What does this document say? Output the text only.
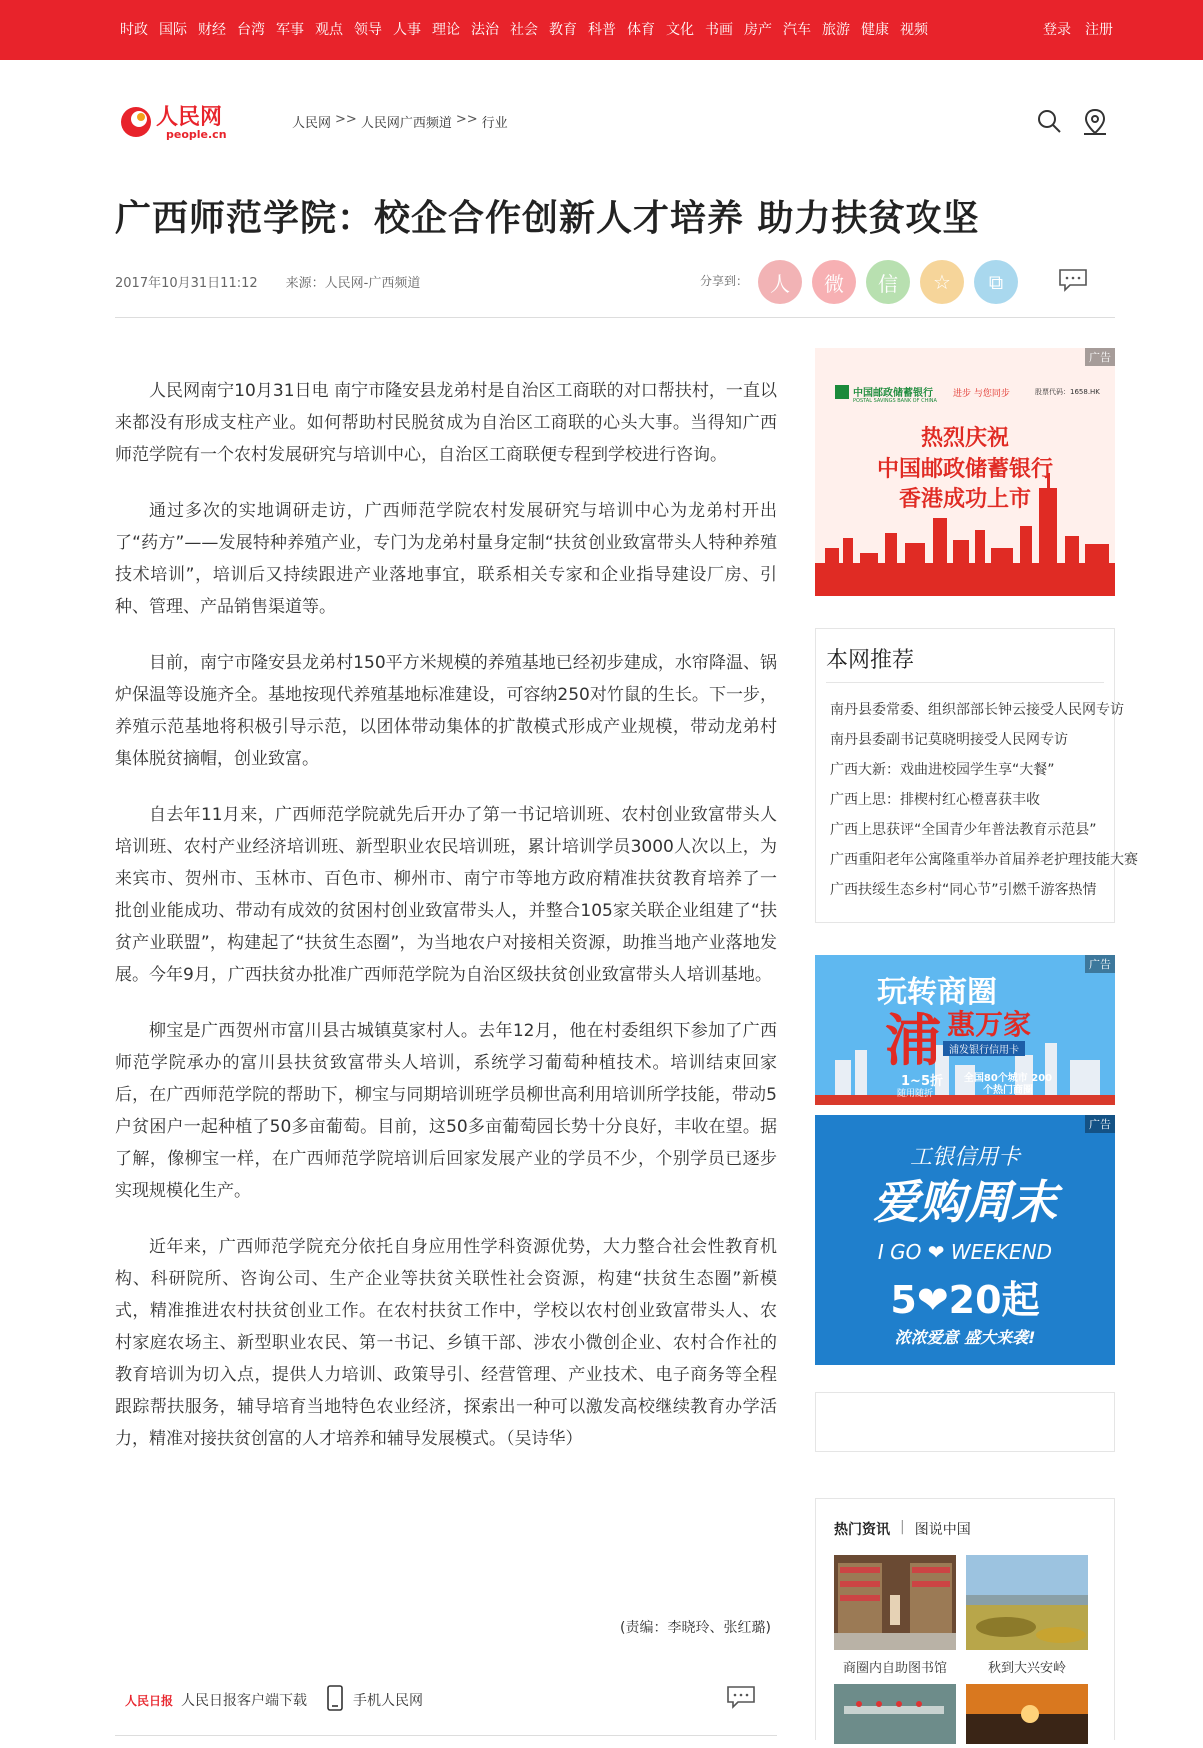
时政 国际 财经 台湾 军事 观点 领导 人事 理论 法治 社会 教育 科普 体育 文化 书画 房产 汽车 旅游 健康 视频	登录 注册
人民网
people.cn
人民网 >> 人民网广西频道 >> 行业
广西师范学院：校企合作创新人才培养 助力扶贫攻坚
2017年10月31日11:12 来源：人民网-广西频道	分享到：	人	微	信	☆	⧉

人民网南宁10月31日电 南宁市隆安县龙弟村是自治区工商联的对口帮扶村，一直以来都没有形成支柱产业。如何帮助村民脱贫成为自治区工商联的心头大事。当得知广西师范学院有一个农村发展研究与培训中心，自治区工商联便专程到学校进行咨询。

通过多次的实地调研走访，广西师范学院农村发展研究与培训中心为龙弟村开出了“药方”——发展特种养殖产业，专门为龙弟村量身定制“扶贫创业致富带头人特种养殖技术培训”，培训后又持续跟进产业落地事宜，联系相关专家和企业指导建设厂房、引种、管理、产品销售渠道等。

目前，南宁市隆安县龙弟村150平方米规模的养殖基地已经初步建成，水帘降温、锅炉保温等设施齐全。基地按现代养殖基地标准建设，可容纳250对竹鼠的生长。下一步，养殖示范基地将积极引导示范，以团体带动集体的扩散模式形成产业规模，带动龙弟村集体脱贫摘帽，创业致富。

自去年11月来，广西师范学院就先后开办了第一书记培训班、农村创业致富带头人培训班、农村产业经济培训班、新型职业农民培训班，累计培训学员3000人次以上，为来宾市、贺州市、玉林市、百色市、柳州市、南宁市等地方政府精准扶贫教育培养了一批创业能成功、带动有成效的贫困村创业致富带头人，并整合105家关联企业组建了“扶贫产业联盟”，构建起了“扶贫生态圈”，为当地农户对接相关资源，助推当地产业落地发展。今年9月，广西扶贫办批准广西师范学院为自治区级扶贫创业致富带头人培训基地。

柳宝是广西贺州市富川县古城镇莫家村人。去年12月，他在村委组织下参加了广西师范学院承办的富川县扶贫致富带头人培训，系统学习葡萄种植技术。培训结束回家后，在广西师范学院的帮助下，柳宝与同期培训班学员柳世高利用培训所学技能，带动5户贫困户一起种植了50多亩葡萄。目前，这50多亩葡萄园长势十分良好，丰收在望。据了解，像柳宝一样，在广西师范学院培训后回家发展产业的学员不少，个别学员已逐步实现规模化生产。

近年来，广西师范学院充分依托自身应用性学科资源优势，大力整合社会性教育机构、科研院所、咨询公司、生产企业等扶贫关联性社会资源，构建“扶贫生态圈”新模式，精准推进农村扶贫创业工作。在农村扶贫工作中，学校以农村创业致富带头人、农村家庭农场主、新型职业农民、第一书记、乡镇干部、涉农小微创企业、农村合作社的教育培训为切入点，提供人力培训、政策导引、经营管理、产业技术、电子商务等全程跟踪帮扶服务，辅导培育当地特色农业经济，探索出一种可以激发高校继续教育办学活力，精准对接扶贫创富的人才培养和辅导发展模式。（吴诗华）

(责编：李晓玲、张红璐)
人民日报 人民日报客户端下载	手机人民网
广告
中国邮政储蓄银行
POSTAL SAVINGS BANK OF CHINA
进步 与您同步	股票代码：1658.HK
热烈庆祝
中国邮政储蓄银行
香港成功上市
本网推荐
南丹县委常委、组织部部长钟云接受人民网专访
南丹县委副书记莫晓明接受人民网专访
广西大新：戏曲进校园学生享“大餐”
广西上思：排楔村红心橙喜获丰收
广西上思获评“全国青少年普法教育示范县”
广西重阳老年公寓隆重举办首届养老护理技能大赛
广西扶绥生态乡村“同心节”引燃千游客热情
广告
玩转商圈
浦 惠万家
浦发银行信用卡
1~5折
随用随折
全国80个城市 200个热门商圈
广告
工银信用卡
爱购周末
I GO ❤ WEEKEND
5❤20起
浓浓爱意 盛大来袭!
热门资讯 | 图说中国
商圈内自助图书馆	秋到大兴安岭
